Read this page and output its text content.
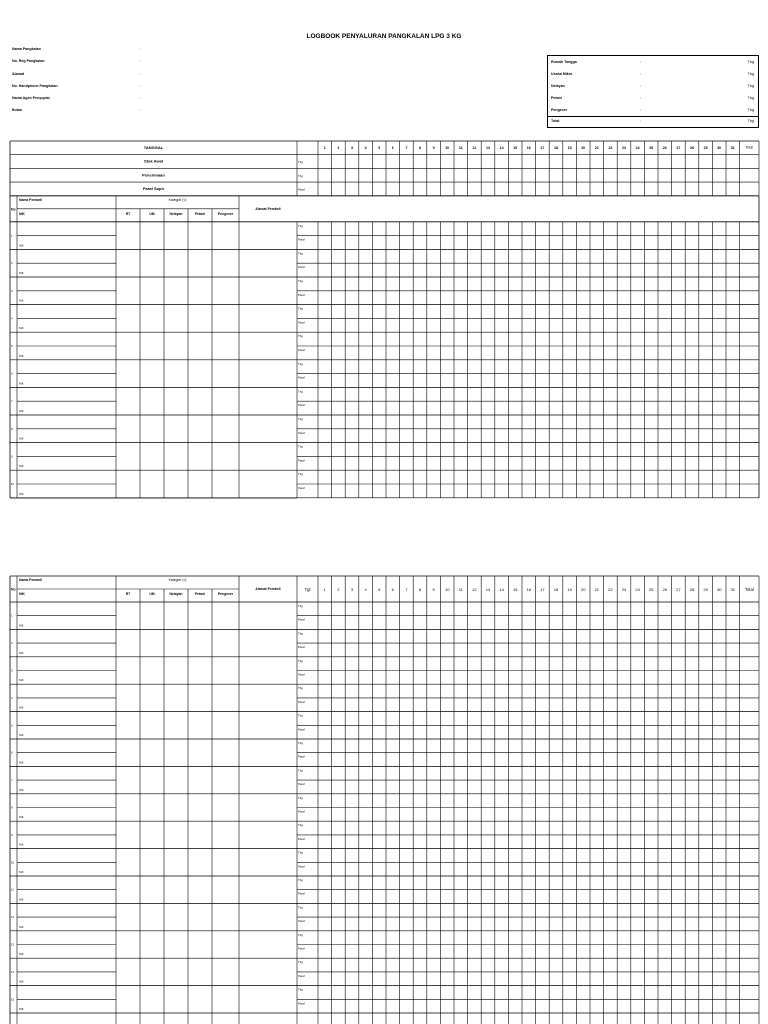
LOGBOOK PENYALURAN PANGKALAN LPG 3 KG
Nama Pangkalan	:
No. Reg Pangkalan	:
Alamat	:
No. Handphone Pangkalan	:
Nama Agen Penyuplai	:
Bulan	:
Rumah Tangga	:	Tbg
Usaha Mikro	:	Tbg
Nelayan	:	Tbg
Petani	:	Tbg
Pengecer	:	Tbg
Total	:	Tbg
TANGGAL
Stok Awal	Tbg
Penerimaan	Tbg
Paraf Supir	Paraf
1	2	3	4	5	6	7	8	9	10	11	12	13	14	15	16	17	18	19	20	21	22	23	24	25	26	27	28	29	30	31	Total
No
Nama Pembeli
NIK
Kategori (√)
RT	UM	Nelayan	Petani	Pengecer
Alamat Pembeli
1
NIK
Tbg
Paraf
2
NIK
Tbg
Paraf
3
NIK
Tbg
Paraf
4
NIK
Tbg
Paraf
5
NIK
Tbg
Paraf
6
NIK
Tbg
Paraf
7
NIK
Tbg
Paraf
8
NIK
Tbg
Paraf
9
NIK
Tbg
Paraf
10
NIK
Tbg
Paraf
No
Nama Pembeli
NIK
Kategori (√)
RT	UM	Nelayan	Petani	Pengecer
Alamat Pembeli	Tgl	1	2	3	4	5	6	7	8	9	10 11 12 13 14 15 16 17 18 19 20 21 22 23 24 25 26 27 28 29 30 31 Total
1
NIK
Tbg
Paraf
2
NIK
Tbg
Paraf
3
NIK
Tbg
Paraf
4
NIK
Tbg
Paraf
5
NIK
Tbg
Paraf
6
NIK
Tbg
Paraf
7
NIK
Tbg
Paraf
8
NIK
Tbg
Paraf
9
NIK
Tbg
Paraf
10
NIK
Tbg
Paraf
11
NIK
Tbg
Paraf
12
NIK
Tbg
Paraf
13
NIK
Tbg
Paraf
14
NIK
Tbg
Paraf
15
NIK
Tbg
Paraf
